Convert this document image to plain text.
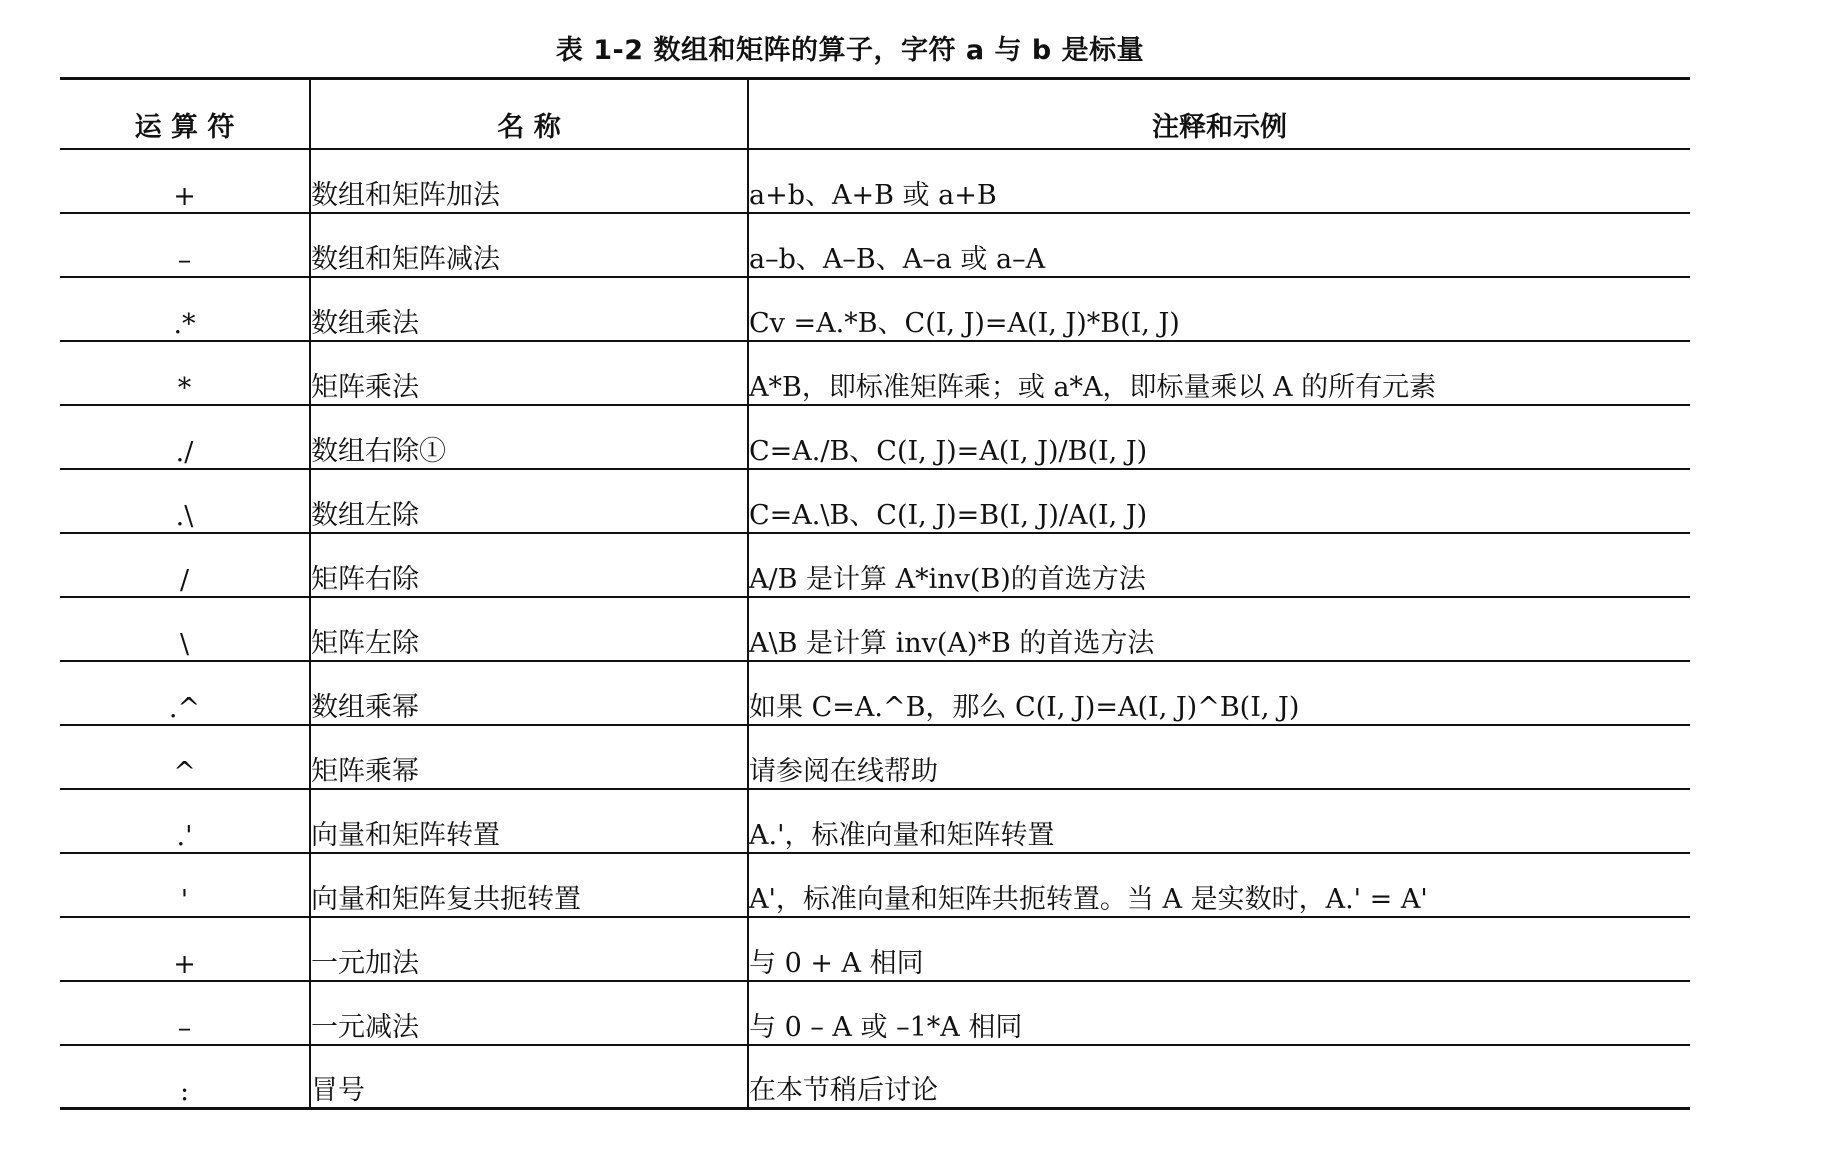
表 1-2 数组和矩阵的算子，字符 a 与 b 是标量
运 算 符	名 称	注释和示例
+	数组和矩阵加法	a+b、A+B 或 a+B
–	数组和矩阵减法	a–b、A–B、A–a 或 a–A
.*	数组乘法	Cv =A.*B、C(I, J)=A(I, J)*B(I, J)
*	矩阵乘法	A*B，即标准矩阵乘；或 a*A，即标量乘以 A 的所有元素
./	数组右除①	C=A./B、C(I, J)=A(I, J)/B(I, J)
.\	数组左除	C=A.\B、C(I, J)=B(I, J)/A(I, J)
/	矩阵右除	A/B 是计算 A*inv(B)的首选方法
\	矩阵左除	A\B 是计算 inv(A)*B 的首选方法
.^	数组乘幂	如果 C=A.^B，那么 C(I, J)=A(I, J)^B(I, J)
^	矩阵乘幂	请参阅在线帮助
.'	向量和矩阵转置	A.'，标准向量和矩阵转置
'	向量和矩阵复共扼转置	A'，标准向量和矩阵共扼转置。当 A 是实数时，A.' = A'
+	一元加法	与 0 + A 相同
–	一元减法	与 0 – A 或 –1*A 相同
:	冒号	在本节稍后讨论
